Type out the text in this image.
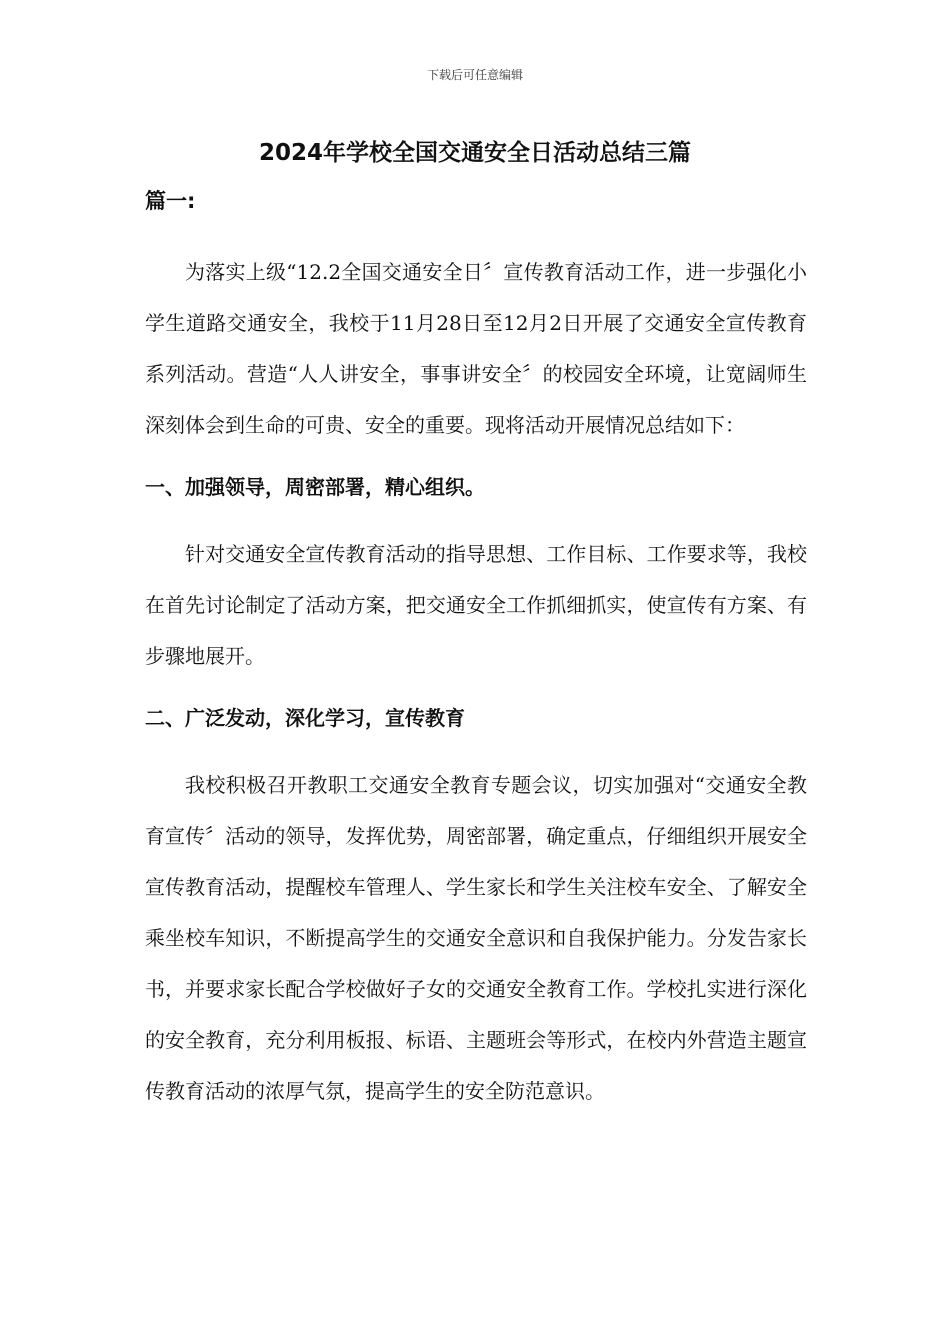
下载后可任意编辑
2024年学校全国交通安全日活动总结三篇
篇一:

为落实上级“12.2全国交通安全日〞宣传教育活动工作，进一步强化小学生道路交通安全，我校于11月28日至12月2日开展了交通安全宣传教育系列活动。营造“人人讲安全，事事讲安全〞的校园安全环境，让宽阔师生深刻体会到生命的可贵、安全的重要。现将活动开展情况总结如下：

一、加强领导，周密部署，精心组织。

针对交通安全宣传教育活动的指导思想、工作目标、工作要求等，我校在首先讨论制定了活动方案，把交通安全工作抓细抓实，使宣传有方案、有步骤地展开。

二、广泛发动，深化学习，宣传教育

我校积极召开教职工交通安全教育专题会议，切实加强对“交通安全教育宣传〞活动的领导，发挥优势，周密部署，确定重点，仔细组织开展安全宣传教育活动，提醒校车管理人、学生家长和学生关注校车安全、了解安全乘坐校车知识，不断提高学生的交通安全意识和自我保护能力。分发告家长书，并要求家长配合学校做好子女的交通安全教育工作。学校扎实进行深化的安全教育，充分利用板报、标语、主题班会等形式，在校内外营造主题宣传教育活动的浓厚气氛，提高学生的安全防范意识。
